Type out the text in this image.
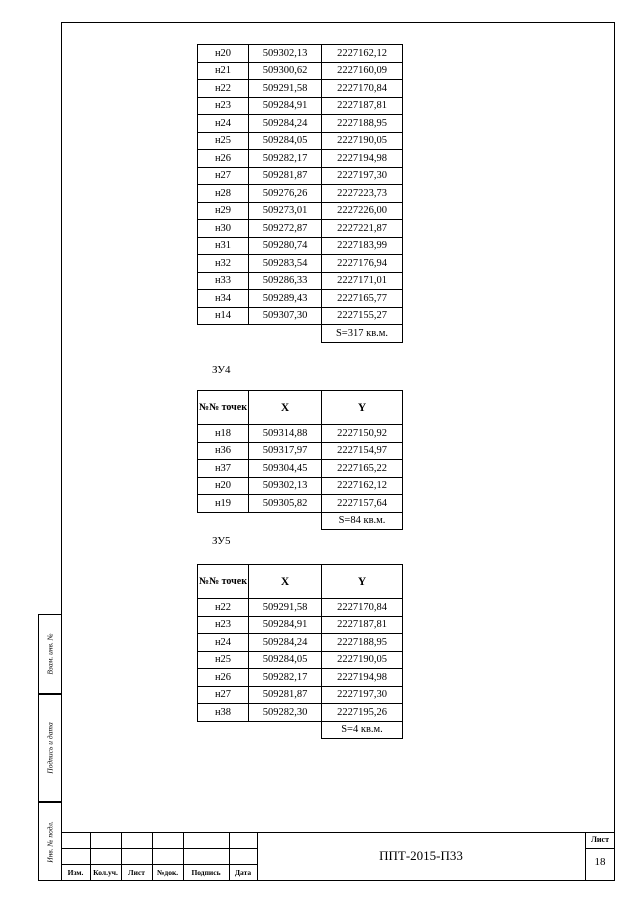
Взам. инв. №
Подпись и дата
Инв. № подл.
н20	509302,13	2227162,12
н21	509300,62	2227160,09
н22	509291,58	2227170,84
н23	509284,91	2227187,81
н24	509284,24	2227188,95
н25	509284,05	2227190,05
н26	509282,17	2227194,98
н27	509281,87	2227197,30
н28	509276,26	2227223,73
н29	509273,01	2227226,00
н30	509272,87	2227221,87
н31	509280,74	2227183,99
н32	509283,54	2227176,94
н33	509286,33	2227171,01
н34	509289,43	2227165,77
н14	509307,30	2227155,27
		S=317 кв.м.
ЗУ4
№№ точек	X	Y
н18	509314,88	2227150,92
н36	509317,97	2227154,97
н37	509304,45	2227165,22
н20	509302,13	2227162,12
н19	509305,82	2227157,64
		S=84 кв.м.
ЗУ5
№№ точек	X	Y
н22	509291,58	2227170,84
н23	509284,91	2227187,81
н24	509284,24	2227188,95
н25	509284,05	2227190,05
н26	509282,17	2227194,98
н27	509281,87	2227197,30
н38	509282,30	2227195,26
		S=4 кв.м.
Изм.	Кол.уч.	Лист	№док.	Подпись	Дата
ППТ-2015-П33
Лист
18
